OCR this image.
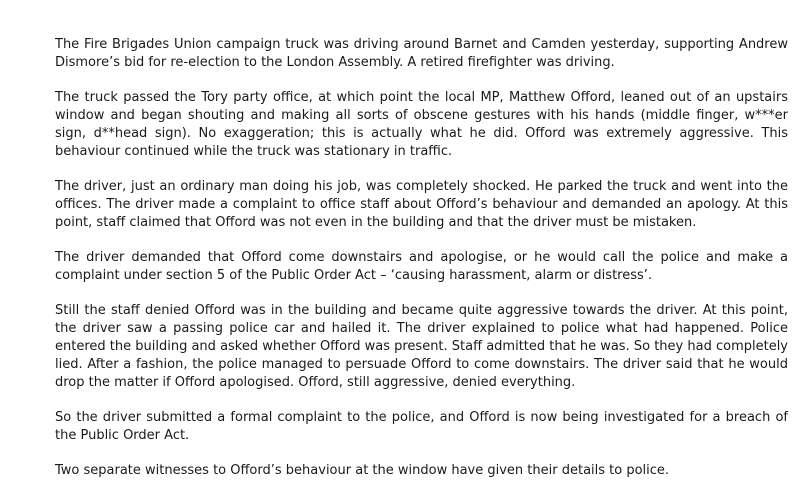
The Fire Brigades Union campaign truck was driving around Barnet and Camden yesterday, supporting Andrew Dismore’s bid for re-election to the London Assembly. A retired firefighter was driving.

The truck passed the Tory party office, at which point the local MP, Matthew Offord, leaned out of an upstairs window and began shouting and making all sorts of obscene gestures with his hands (middle finger, w***er sign, d**head sign). No exaggeration; this is actually what he did. Offord was extremely aggressive. This behaviour continued while the truck was stationary in traffic.

The driver, just an ordinary man doing his job, was completely shocked. He parked the truck and went into the offices. The driver made a complaint to office staff about Offord’s behaviour and demanded an apology. At this point, staff claimed that Offord was not even in the building and that the driver must be mistaken.

The driver demanded that Offord come downstairs and apologise, or he would call the police and make a complaint under section 5 of the Public Order Act – ‘causing harassment, alarm or distress’.

Still the staff denied Offord was in the building and became quite aggressive towards the driver. At this point, the driver saw a passing police car and hailed it. The driver explained to police what had happened. Police entered the building and asked whether Offord was present. Staff admitted that he was. So they had completely lied. After a fashion, the police managed to persuade Offord to come downstairs. The driver said that he would drop the matter if Offord apologised. Offord, still aggressive, denied everything.

So the driver submitted a formal complaint to the police, and Offord is now being investigated for a breach of the Public Order Act.

Two separate witnesses to Offord’s behaviour at the window have given their details to police.
